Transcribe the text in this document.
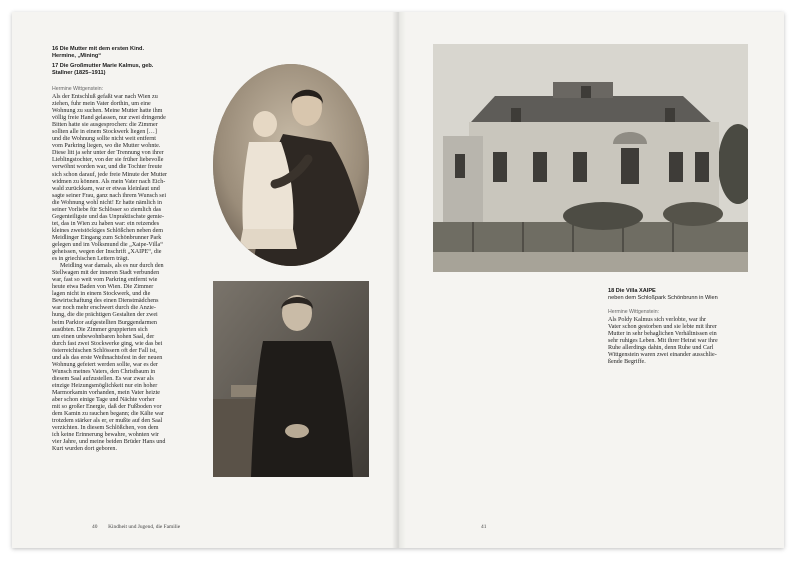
16 Die Mutter mit dem ersten Kind.

Hermine, „Mining“

17 Die Großmutter Marie Kalmus, geb.

Stallner (1825–1911)

Hermine Wittgenstein:

Als der Entschluß gefaßt war nach Wien zu

ziehen, fuhr mein Vater dorthin, um eine

Wohnung zu suchen. Meine Mutter hatte ihm

völlig freie Hand gelassen, nur zwei dringende

Bitten hatte sie ausgesprochen: die Zimmer

sollten alle in einem Stockwerk liegen […]

und die Wohnung sollte nicht weit entfernt

vom Parkring liegen, wo die Mutter wohnte.

Diese litt ja sehr unter der Trennung von ihrer

Lieblingstochter, von der sie früher liebevolle

verwöhnt worden war, und die Tochter freute

sich schon darauf, jede freie Minute der Mutter

widmen zu können. Als mein Vater nach Eich-

wald zurückkam, war er etwas kleinlaut und

sagte seiner Frau, ganz nach ihrem Wunsch sei

die Wohnung wohl nicht! Er hatte nämlich in

seiner Vorliebe für Schlösser so ziemlich das

Gegenteiligste und das Unpraktischste gemie-

tet, das in Wien zu haben war: ein reizendes

kleines zweistöckiges Schlößchen neben dem

Meidlinger Eingang zum Schönbrunner Park

gelegen und im Volksmund die „Xaipe-Villa“

geheissen, wegen der Inschrift „XAIPE“, die

es in griechischen Lettern trägt.

Meidling war damals, als es nur durch den

Stellwagen mit der inneren Stadt verbunden

war, fast so weit vom Parkring entfernt wie

heute etwa Baden von Wien. Die Zimmer

lagen nicht in einem Stockwerk, und die

Bewirtschaftung des einen Dienstmädchens

war noch mehr erschwert durch die Anzie-

hung, die die prächtigen Gestalten der zwei

beim Parktor aufgestellten Burggendarmen

ausübten. Die Zimmer gruppierten sich

um einen unbewohnbaren hohen Saal, der

durch fast zwei Stockwerke ging, wie das bei

österreichischen Schlössern oft der Fall ist,

und als das erste Weihnachtsfest in der neuen

Wohnung gefeiert werden sollte, war es der

Wunsch meines Vaters, den Christbaum in

diesem Saal aufzustellen. Es war zwar als

einzige Heizungsmöglichkeit nur ein hoher

Marmorkamin vorhanden, mein Vater heizte

aber schon einige Tage und Nächte vorher

mit so großer Energie, daß der Fußboden vor

dem Kamin zu rauchen begann; die Kälte war

trotzdem stärker als er, er mußte auf den Saal

verzichten. In diesem Schlößchen, von dem

ich keine Erinnerung bewahre, wohnten wir

vier Jahre, und meine beiden Brüder Hans und

Kurt wurden dort geboren.

40 Kindheit und Jugend, die Familie

18 Die Villa XAIPE

neben dem Schloßpark Schönbrunn in Wien

Hermine Wittgenstein:

Als Poldy Kalmus sich verlobte, war ihr

Vater schon gestorben und sie lebte mit ihrer

Mutter in sehr behaglichen Verhältnissen ein

sehr ruhiges Leben. Mit ihrer Heirat war ihre

Ruhe allerdings dahin, denn Ruhe und Carl

Wittgenstein waren zwei einander ausschlie-

ßende Begriffe.

41
